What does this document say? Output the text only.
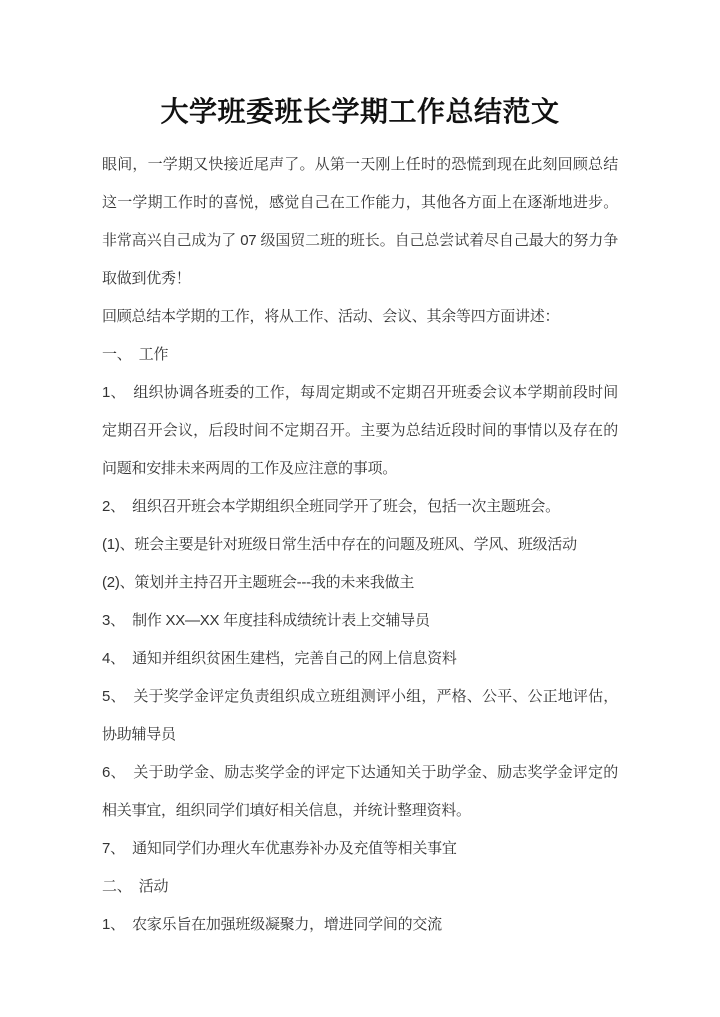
大学班委班长学期工作总结范文

眼间，一学期又快接近尾声了。从第一天刚上任时的恐慌到现在此刻回顾总结这一学期工作时的喜悦，感觉自己在工作能力，其他各方面上在逐渐地进步。非常高兴自己成为了 07 级国贸二班的班长。自己总尝试着尽自己最大的努力争取做到优秀！

回顾总结本学期的工作，将从工作、活动、会议、其余等四方面讲述：

一、　工作

1、　组织协调各班委的工作，每周定期或不定期召开班委会议本学期前段时间定期召开会议，后段时间不定期召开。主要为总结近段时间的事情以及存在的问题和安排未来两周的工作及应注意的事项。

2、　组织召开班会本学期组织全班同学开了班会，包括一次主题班会。

(1)、班会主要是针对班级日常生活中存在的问题及班风、学风、班级活动

(2)、策划并主持召开主题班会---我的未来我做主

3、　制作 XX—XX 年度挂科成绩统计表上交辅导员

4、　通知并组织贫困生建档，完善自己的网上信息资料

5、　关于奖学金评定负责组织成立班组测评小组，严格、公平、公正地评估，协助辅导员

6、　关于助学金、励志奖学金的评定下达通知关于助学金、励志奖学金评定的相关事宜，组织同学们填好相关信息，并统计整理资料。

7、　通知同学们办理火车优惠券补办及充值等相关事宜

二、　活动

1、　农家乐旨在加强班级凝聚力，增进同学间的交流
